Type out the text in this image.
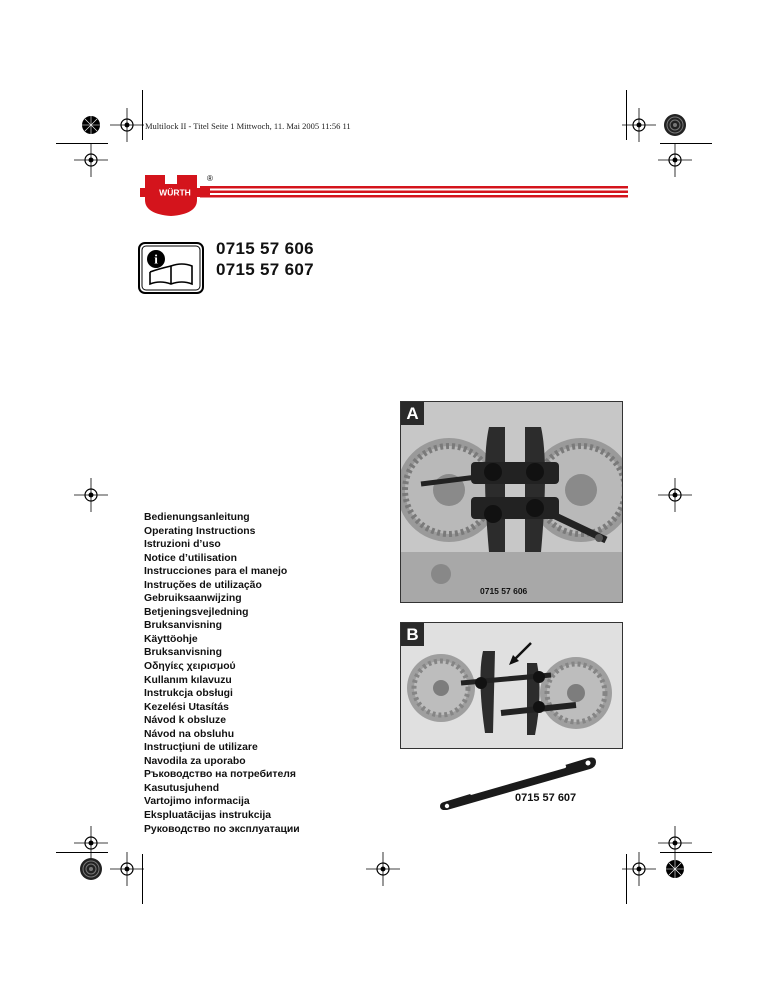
Multilock II - Titel Seite 1 Mittwoch, 11. Mai 2005 11:56 11
WÜRTH
®
i
0715 57 606
0715 57 607
Bedienungsanleitung
Operating Instructions
Istruzioni d’uso
Notice d’utilisation
Instrucciones para el manejo
Instruções de utilização
Gebruiksaanwijzing
Betjeningsvejledning
Bruksanvisning
Käyttöohje
Bruksanvisning
Οδηγίες χειρισμού
Kullanım kılavuzu
Instrukcja obsługi
Kezelési Utasítás
Návod k obsluze
Návod na obsluhu
Instrucţiuni de utilizare
Navodila za uporabo
Ръководство на потребителя
Kasutusjuhend
Vartojimo informacija
Ekspluatācijas instrukcija
Руководство по эксплуатации
A
0715 57 606
B
0715 57 607
